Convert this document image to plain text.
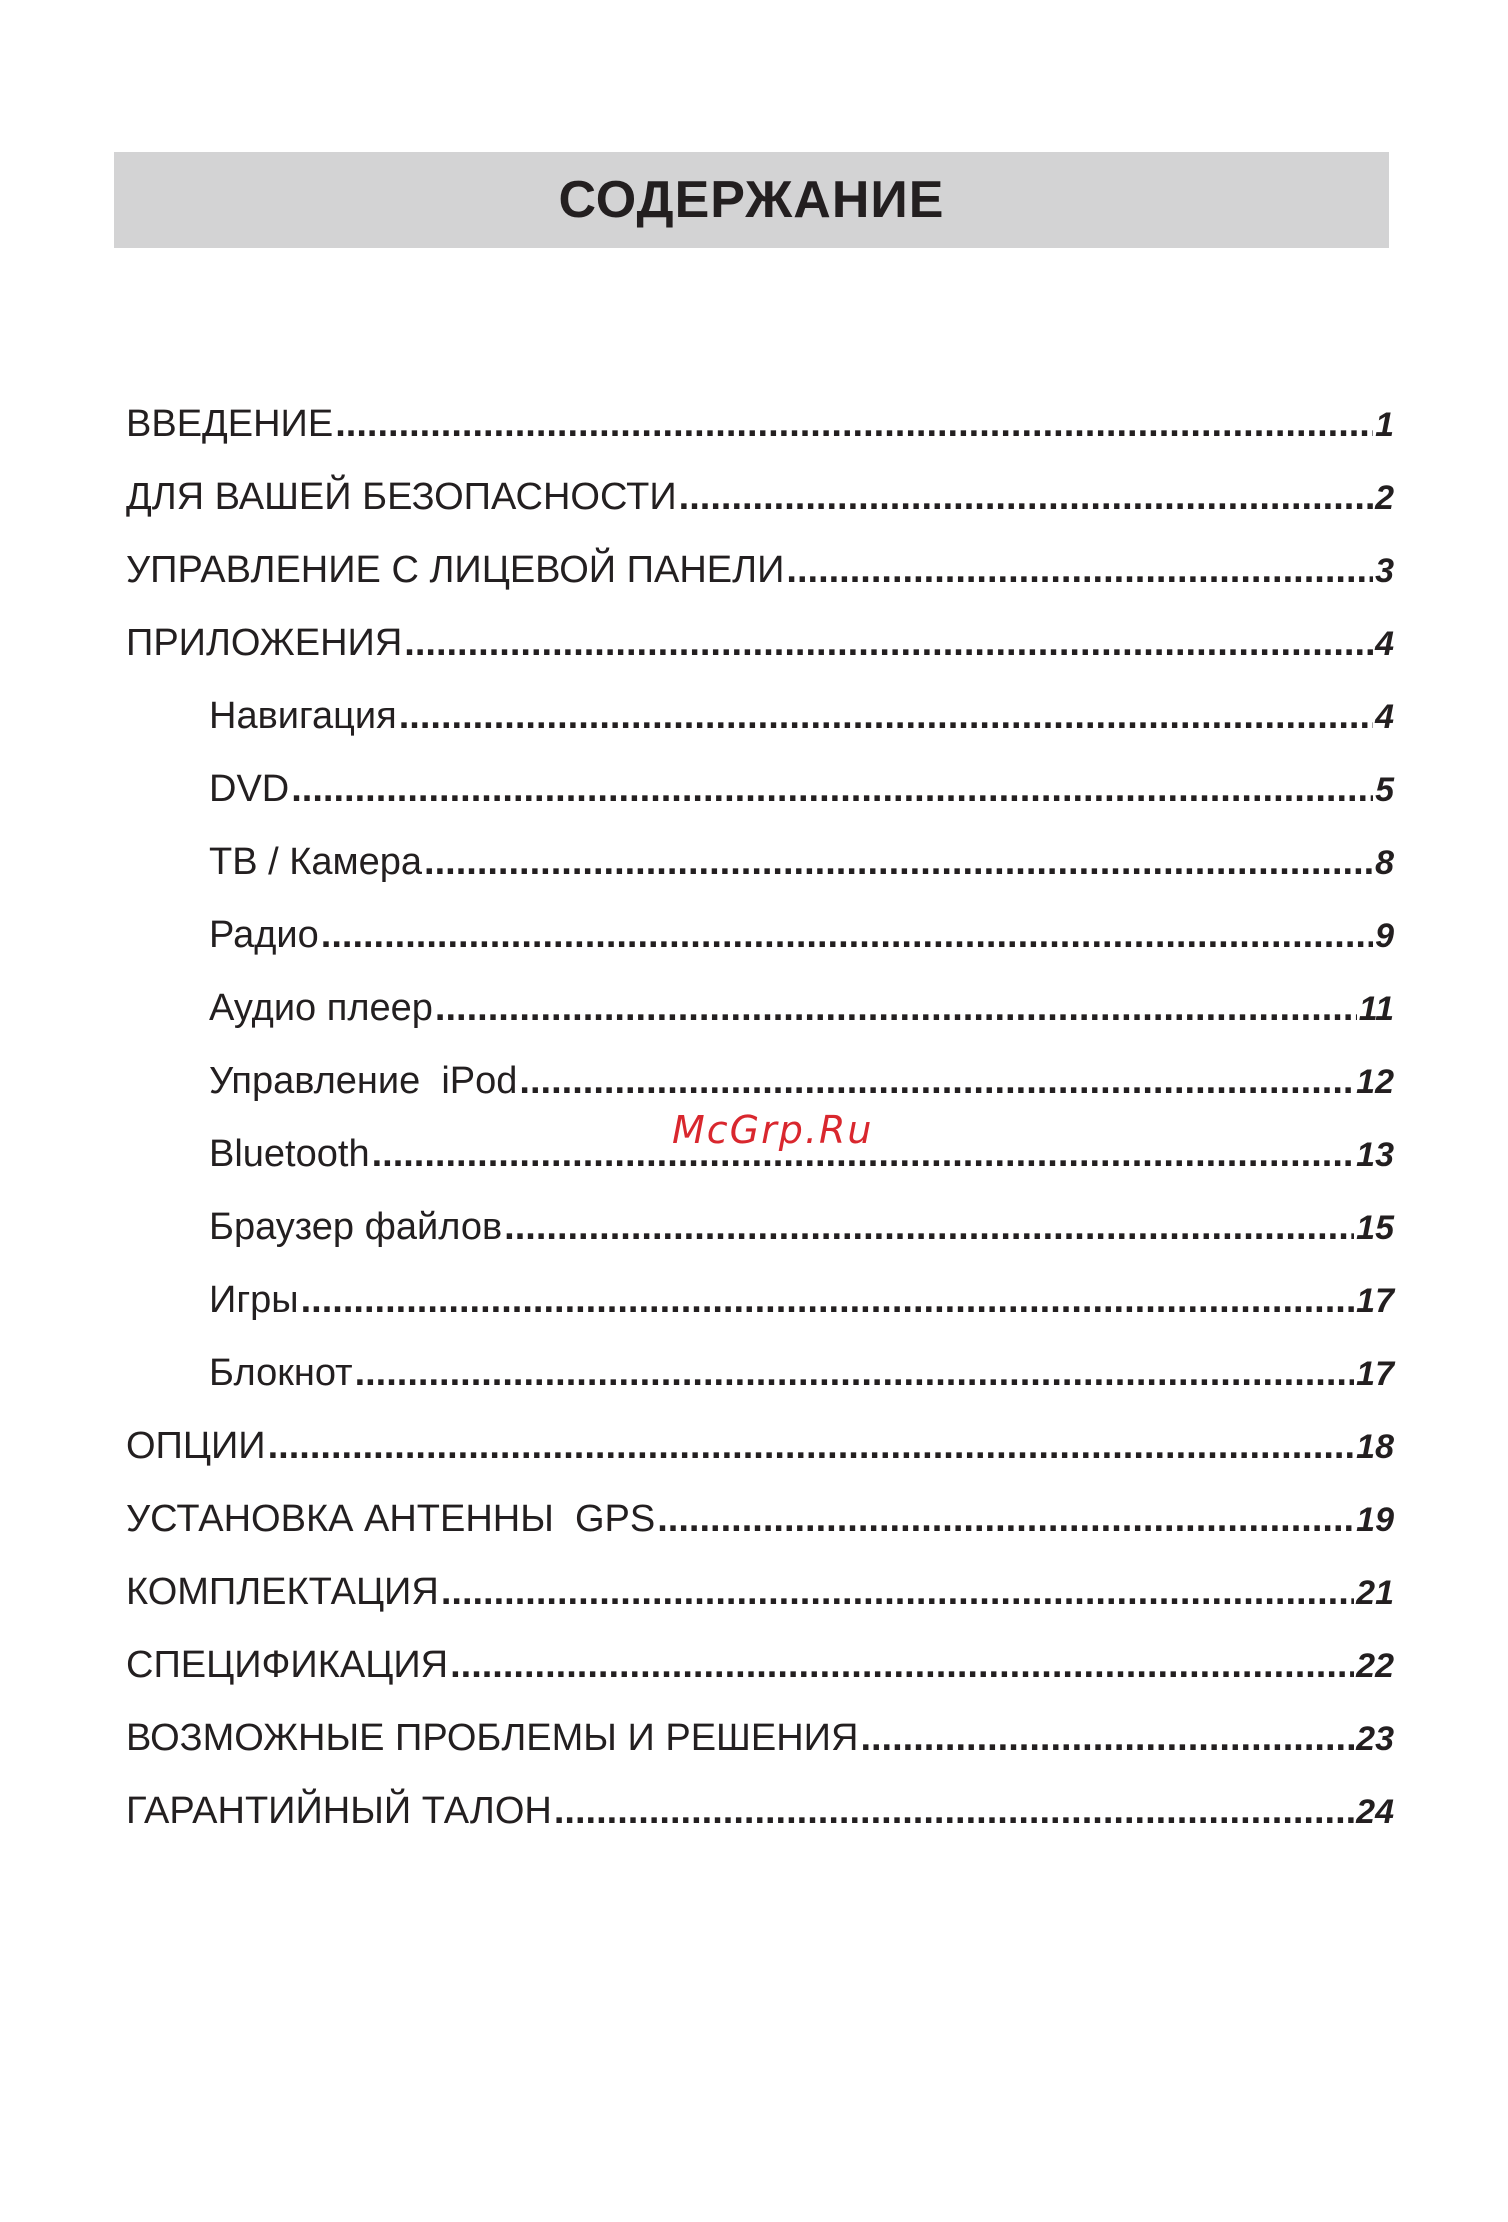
СОДЕРЖАНИЕ
ВВЕДЕНИЕ .....	1
ДЛЯ ВАШЕЙ БЕЗОПАСНОСТИ .....	2
УПРАВЛЕНИЕ С ЛИЦЕВОЙ ПАНЕЛИ .....	3
ПРИЛОЖЕНИЯ .....	4
Навигация .....	4
DVD .....	5
ТВ / Камера .....	8
Радио .....	9
Аудио плеер .....	11
Управление  iPod .....	12
Bluetooth .....	13
Браузер файлов .....	15
Игры .....	17
Блокнот .....	17
ОПЦИИ .....	18
УСТАНОВКА АНТЕННЫ  GPS .....	19
КОМПЛЕКТАЦИЯ .....	21
СПЕЦИФИКАЦИЯ .....	22
ВОЗМОЖНЫЕ ПРОБЛЕМЫ И РЕШЕНИЯ .....	23
ГАРАНТИЙНЫЙ ТАЛОН .....	24
McGrp.Ru
